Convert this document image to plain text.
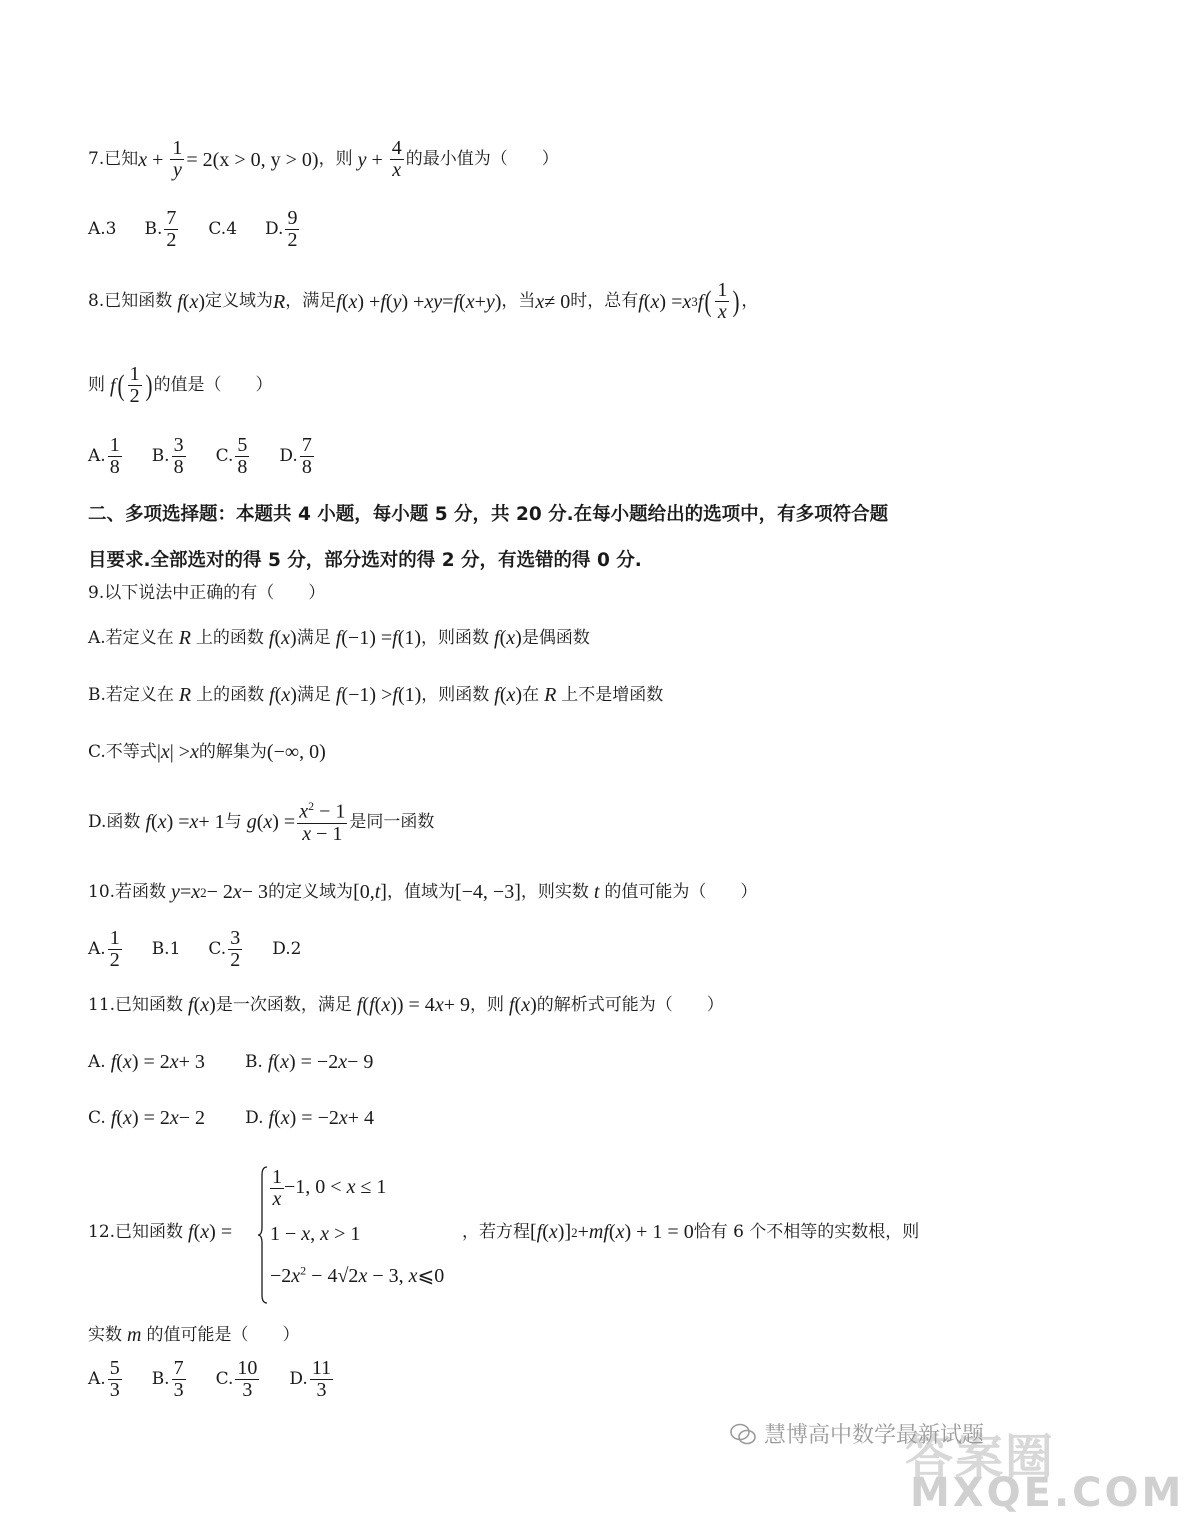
7.已知 $x + \frac{1}{y} = 2(x > 0$, y > 0) ，则 $y + \frac{4}{x}$ 的最小值为（　　）
A.3 B. $\frac{7}{2} C.4$ D. $\frac{9}{2}$
8.已知函数 f ( x ) 定义域为 R ，满足 f ( x ) + f ( y ) + xy = f ( x + y ) ，当 x ≠ 0 时，总有 f ( x ) = x 3 f ( $\frac{1}{x}$ ) ，
则 f ( $\frac{1}{2}$ ) 的值是（　　）
A. $\frac{1}{8} B$. $\frac{3}{8} C$. $\frac{5}{8} D$. $\frac{7}{8}$
二、多项选择题：本题共 4 小题，每小题 5 分，共 20 分.在每小题给出的选项中，有多项符合题
目要求.全部选对的得 5 分，部分选对的得 2 分，有选错的得 0 分.
9.以下说法中正确的有（　　）
A.若定义在 R 上的函数 f ( x ) 满足 f (−1) = f (1) ，则函数 f ( x ) 是偶函数
B.若定义在 R 上的函数 f ( x ) 满足 f (−1) > f (1) ，则函数 f ( x ) 在 R 上不是增函数
C.不等式 | x | > x 的解集为 (−∞, 0)
D.函数 f ( x ) = x + 1 与 g ( x ) = $\frac{x^2 - 1}{x - 1}$ 是同一函数
10.若函数 y = x 2 − 2 x − 3 的定义域为 [0, t ] ，值域为 [−4, −3] ，则实数 t 的值可能为（　　）
A. $\frac{1}{2} B.1$ C. $\frac{3}{2} D.2$
11.已知函数 f ( x ) 是一次函数，满足 f ( f ( x )) = 4 x + 9 ，则 f ( x ) 的解析式可能为（　　）
A. f ( x ) = 2 x + 3 B. f ( x ) = −2 x − 9
C. f ( x ) = 2 x − 2 D. f ( x ) = −2 x + 4
12.已知函数 f ( x ) =
$\frac{1}{x} -1$, 0 < x ≤ 1
1 − x, x > 1
$-2x^2 - 4√2x - 3$, x⩽0
，若方程 [ f ( x )] 2 + mf ( x ) + 1 = 0 恰有 6 个不相等的实数根，则
实数 m 的值可能是（　　）
A. $\frac{5}{3} B$. $\frac{7}{3} C$. $\frac{10}{3} D$. $\frac{11}{3}$
答案圈
慧博高中数学最新试题
MXQE.COM
